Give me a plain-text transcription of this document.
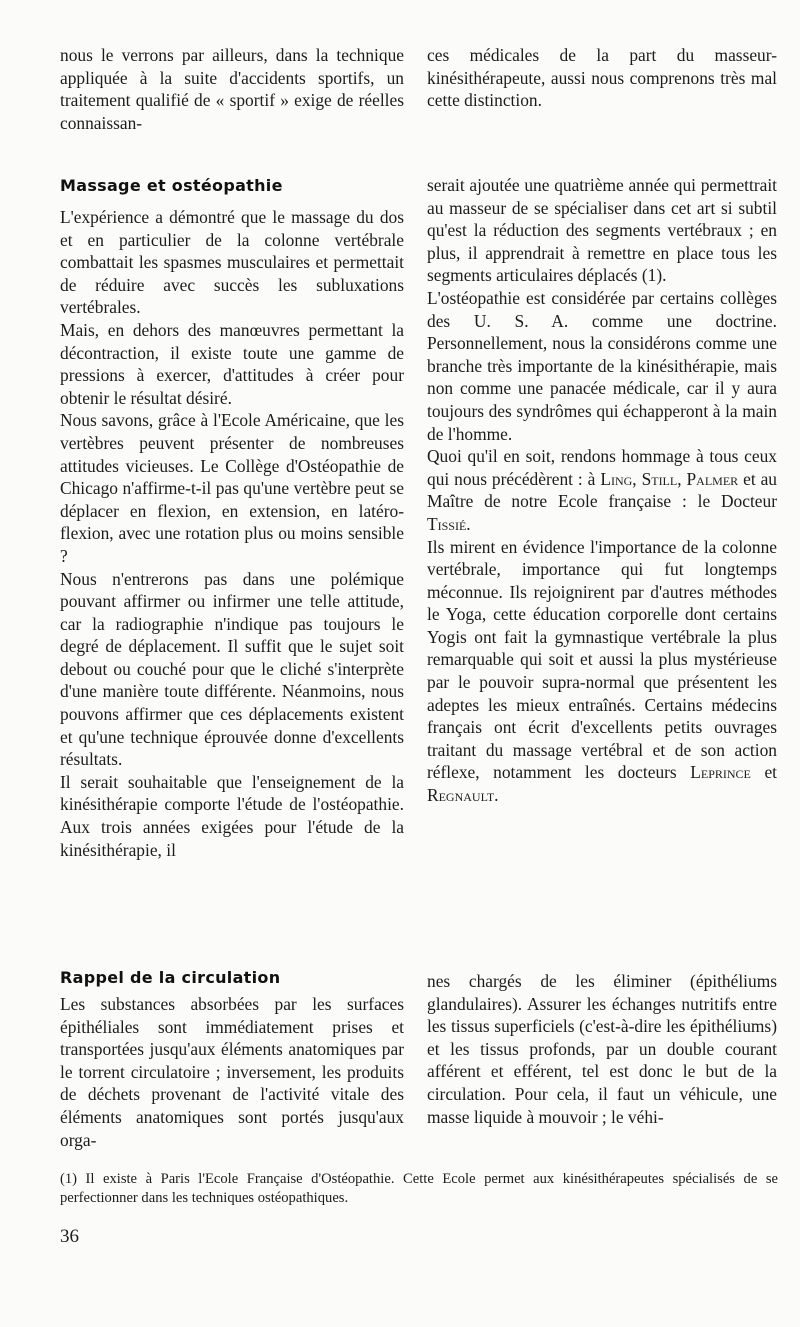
nous le verrons par ailleurs, dans la technique appliquée à la suite d'accidents sportifs, un traitement qualifié de « sportif » exige de réelles connaissan-

ces médicales de la part du masseur-kinésithérapeute, aussi nous comprenons très mal cette distinction.

Massage et ostéopathie

L'expérience a démontré que le massage du dos et en particulier de la colonne vertébrale combattait les spasmes musculaires et permettait de réduire avec succès les subluxations vertébrales.

Mais, en dehors des manœuvres permettant la décontraction, il existe toute une gamme de pressions à exercer, d'attitudes à créer pour obtenir le résultat désiré.

Nous savons, grâce à l'Ecole Américaine, que les vertèbres peuvent présenter de nombreuses attitudes vicieuses. Le Collège d'Ostéopathie de Chicago n'affirme-t-il pas qu'une vertèbre peut se déplacer en flexion, en extension, en latéro-flexion, avec une rotation plus ou moins sensible ?

Nous n'entrerons pas dans une polémique pouvant affirmer ou infirmer une telle attitude, car la radiographie n'indique pas toujours le degré de déplacement. Il suffit que le sujet soit debout ou couché pour que le cliché s'interprète d'une manière toute différente. Néanmoins, nous pouvons affirmer que ces déplacements existent et qu'une technique éprouvée donne d'excellents résultats.

Il serait souhaitable que l'enseignement de la kinésithérapie comporte l'étude de l'ostéopathie. Aux trois années exigées pour l'étude de la kinésithérapie, il

serait ajoutée une quatrième année qui permettrait au masseur de se spécialiser dans cet art si subtil qu'est la réduction des segments vertébraux ; en plus, il apprendrait à remettre en place tous les segments articulaires déplacés (1).

L'ostéopathie est considérée par certains collèges des U. S. A. comme une doctrine. Personnellement, nous la considérons comme une branche très importante de la kinésithérapie, mais non comme une panacée médicale, car il y aura toujours des syndrômes qui échapperont à la main de l'homme.

Quoi qu'il en soit, rendons hommage à tous ceux qui nous précédèrent : à Ling, Still, Palmer et au Maître de notre Ecole française : le Docteur Tissié.

Ils mirent en évidence l'importance de la colonne vertébrale, importance qui fut longtemps méconnue. Ils rejoignirent par d'autres méthodes le Yoga, cette éducation corporelle dont certains Yogis ont fait la gymnastique vertébrale la plus remarquable qui soit et aussi la plus mystérieuse par le pouvoir supra-normal que présentent les adeptes les mieux entraînés. Certains médecins français ont écrit d'excellents petits ouvrages traitant du massage vertébral et de son action réflexe, notamment les docteurs Leprince et Regnault.

Rappel de la circulation

Les substances absorbées par les surfaces épithéliales sont immédiatement prises et transportées jusqu'aux éléments anatomiques par le torrent circulatoire ; inversement, les produits de déchets provenant de l'activité vitale des éléments anatomiques sont portés jusqu'aux orga-

nes chargés de les éliminer (épithéliums glandulaires). Assurer les échanges nutritifs entre les tissus superficiels (c'est-à-dire les épithéliums) et les tissus profonds, par un double courant afférent et efférent, tel est donc le but de la circulation. Pour cela, il faut un véhicule, une masse liquide à mouvoir ; le véhi-

(1) Il existe à Paris l'Ecole Française d'Ostéopathie. Cette Ecole permet aux kinésithérapeutes spécialisés de se perfectionner dans les techniques ostéopathiques.

36
